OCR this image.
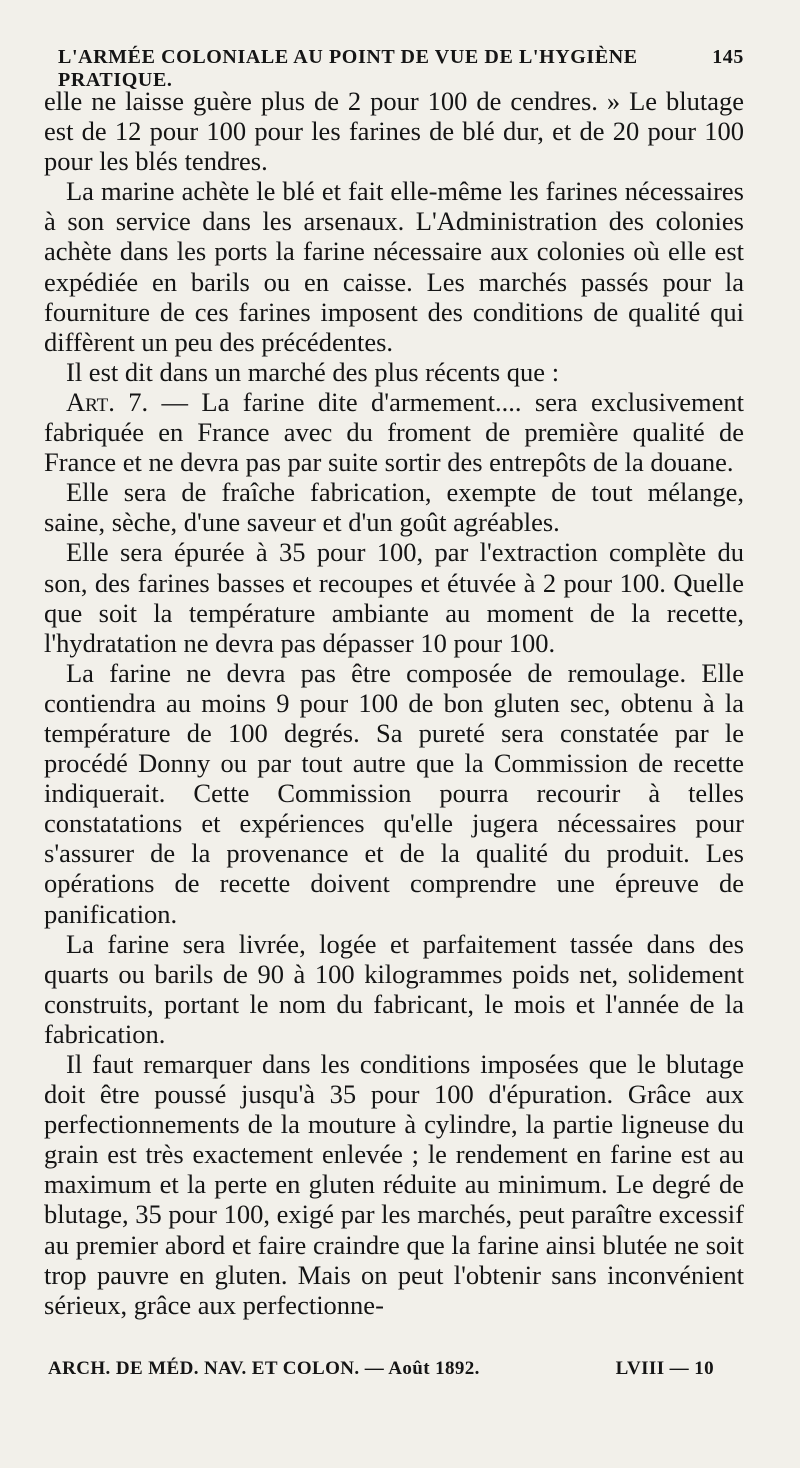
L'ARMÉE COLONIALE AU POINT DE VUE DE L'HYGIÈNE PRATIQUE.
145

elle ne laisse guère plus de 2 pour 100 de cendres. » Le blutage est de 12 pour 100 pour les farines de blé dur, et de 20 pour 100 pour les blés tendres.

La marine achète le blé et fait elle-même les farines nécessaires à son service dans les arsenaux. L'Administration des colonies achète dans les ports la farine nécessaire aux colonies où elle est expédiée en barils ou en caisse. Les marchés passés pour la fourniture de ces farines imposent des conditions de qualité qui diffèrent un peu des précédentes.

Il est dit dans un marché des plus récents que :

Art. 7. — La farine dite d'armement.... sera exclusivement fabriquée en France avec du froment de première qualité de France et ne devra pas par suite sortir des entrepôts de la douane.

Elle sera de fraîche fabrication, exempte de tout mélange, saine, sèche, d'une saveur et d'un goût agréables.

Elle sera épurée à 35 pour 100, par l'extraction complète du son, des farines basses et recoupes et étuvée à 2 pour 100. Quelle que soit la température ambiante au moment de la recette, l'hydratation ne devra pas dépasser 10 pour 100.

La farine ne devra pas être composée de remoulage. Elle contiendra au moins 9 pour 100 de bon gluten sec, obtenu à la température de 100 degrés. Sa pureté sera constatée par le procédé Donny ou par tout autre que la Commission de recette indiquerait. Cette Commission pourra recourir à telles constatations et expériences qu'elle jugera nécessaires pour s'assurer de la provenance et de la qualité du produit. Les opérations de recette doivent comprendre une épreuve de panification.

La farine sera livrée, logée et parfaitement tassée dans des quarts ou barils de 90 à 100 kilogrammes poids net, solidement construits, portant le nom du fabricant, le mois et l'année de la fabrication.

Il faut remarquer dans les conditions imposées que le blutage doit être poussé jusqu'à 35 pour 100 d'épuration. Grâce aux perfectionnements de la mouture à cylindre, la partie ligneuse du grain est très exactement enlevée ; le rendement en farine est au maximum et la perte en gluten réduite au minimum. Le degré de blutage, 35 pour 100, exigé par les marchés, peut paraître excessif au premier abord et faire craindre que la farine ainsi blutée ne soit trop pauvre en gluten. Mais on peut l'obtenir sans inconvénient sérieux, grâce aux perfectionne-

ARCH. DE MÉD. NAV. ET COLON. — Août 1892.	LVIII — 10
